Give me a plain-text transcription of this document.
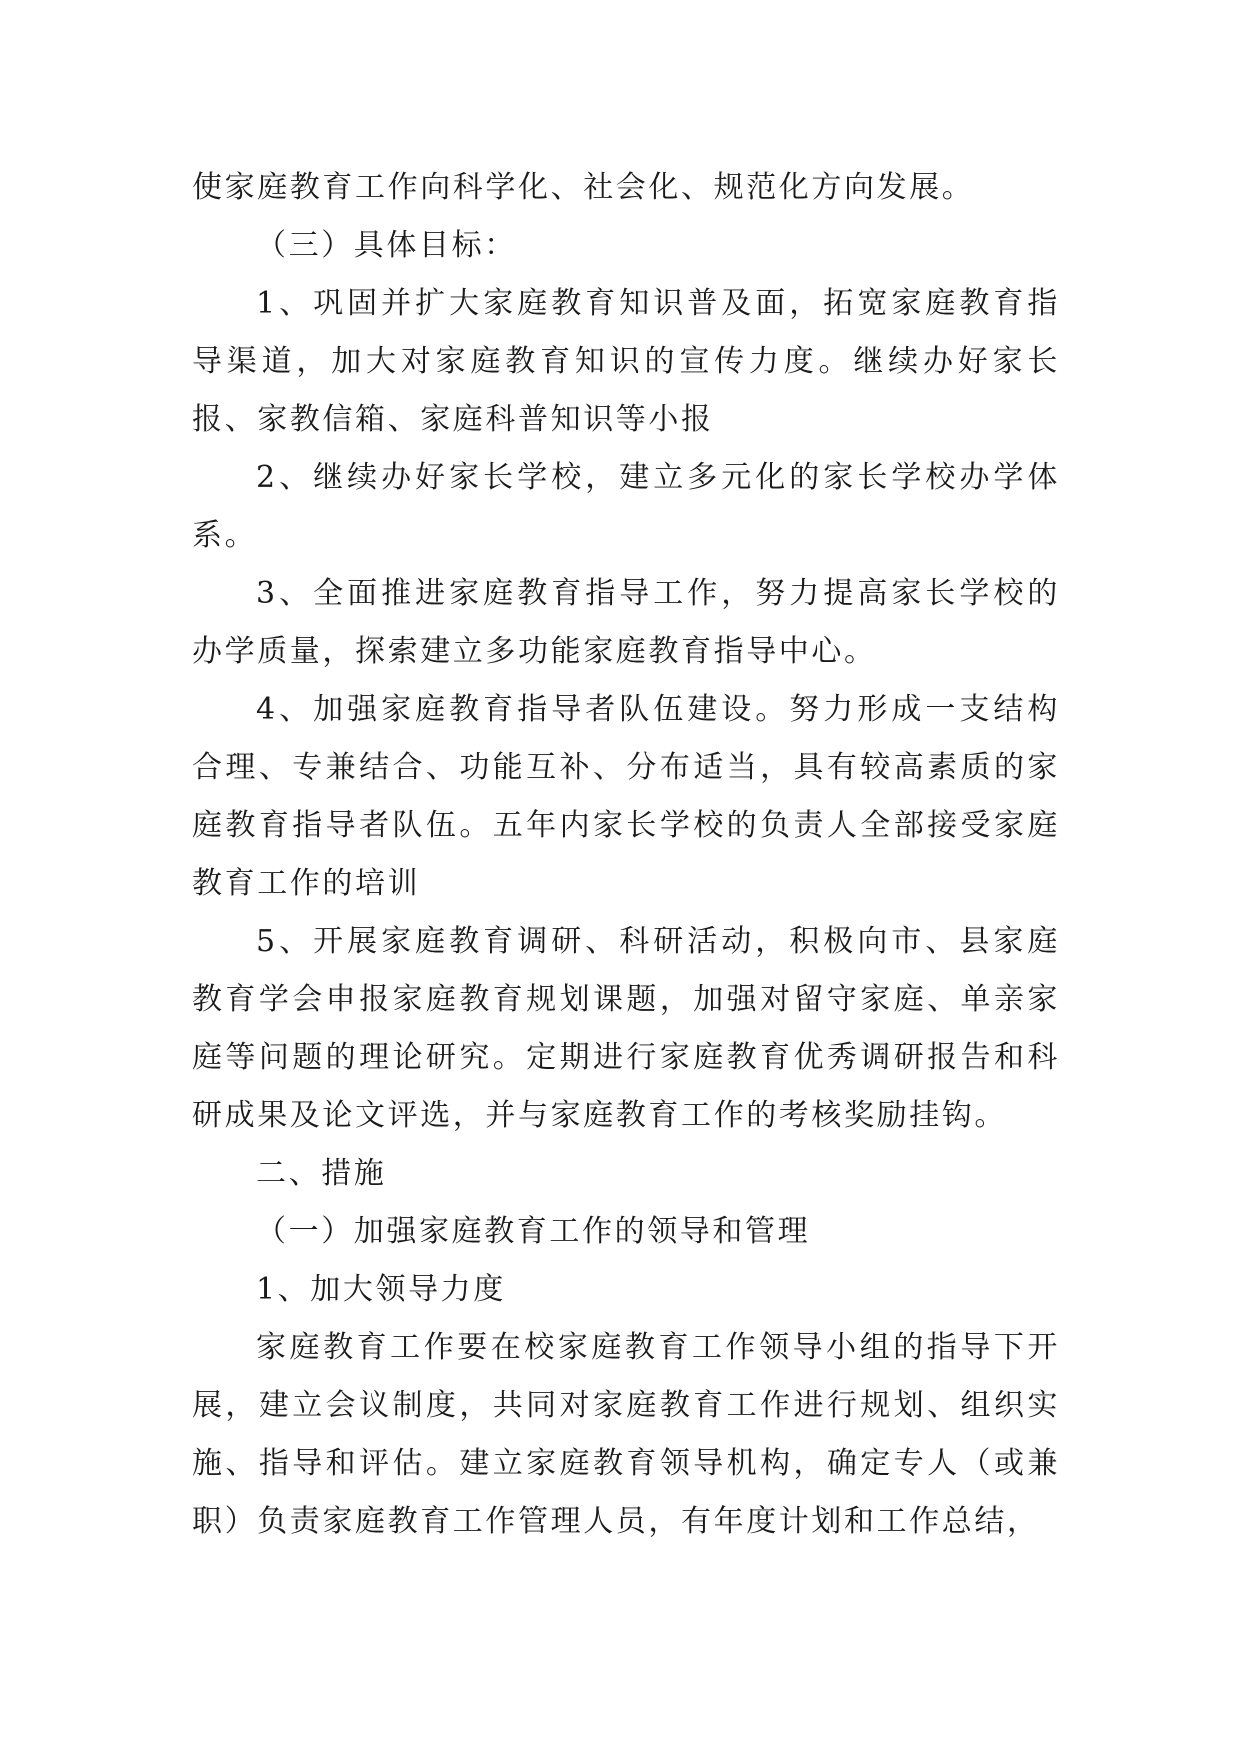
使家庭教育工作向科学化、社会化、规范化方向发展。

（三）具体目标：

1、巩固并扩大家庭教育知识普及面，拓宽家庭教育指导渠道，加大对家庭教育知识的宣传力度。继续办好家长报、家教信箱、家庭科普知识等小报

2、继续办好家长学校，建立多元化的家长学校办学体系。

3、全面推进家庭教育指导工作，努力提高家长学校的办学质量，探索建立多功能家庭教育指导中心。

4、加强家庭教育指导者队伍建设。努力形成一支结构合理、专兼结合、功能互补、分布适当，具有较高素质的家庭教育指导者队伍。五年内家长学校的负责人全部接受家庭教育工作的培训

5、开展家庭教育调研、科研活动，积极向市、县家庭教育学会申报家庭教育规划课题，加强对留守家庭、单亲家庭等问题的理论研究。定期进行家庭教育优秀调研报告和科研成果及论文评选，并与家庭教育工作的考核奖励挂钩。

二、措施

（一）加强家庭教育工作的领导和管理

1、加大领导力度

家庭教育工作要在校家庭教育工作领导小组的指导下开展，建立会议制度，共同对家庭教育工作进行规划、组织实施、指导和评估。建立家庭教育领导机构，确定专人（或兼职）负责家庭教育工作管理人员，有年度计划和工作总结，
